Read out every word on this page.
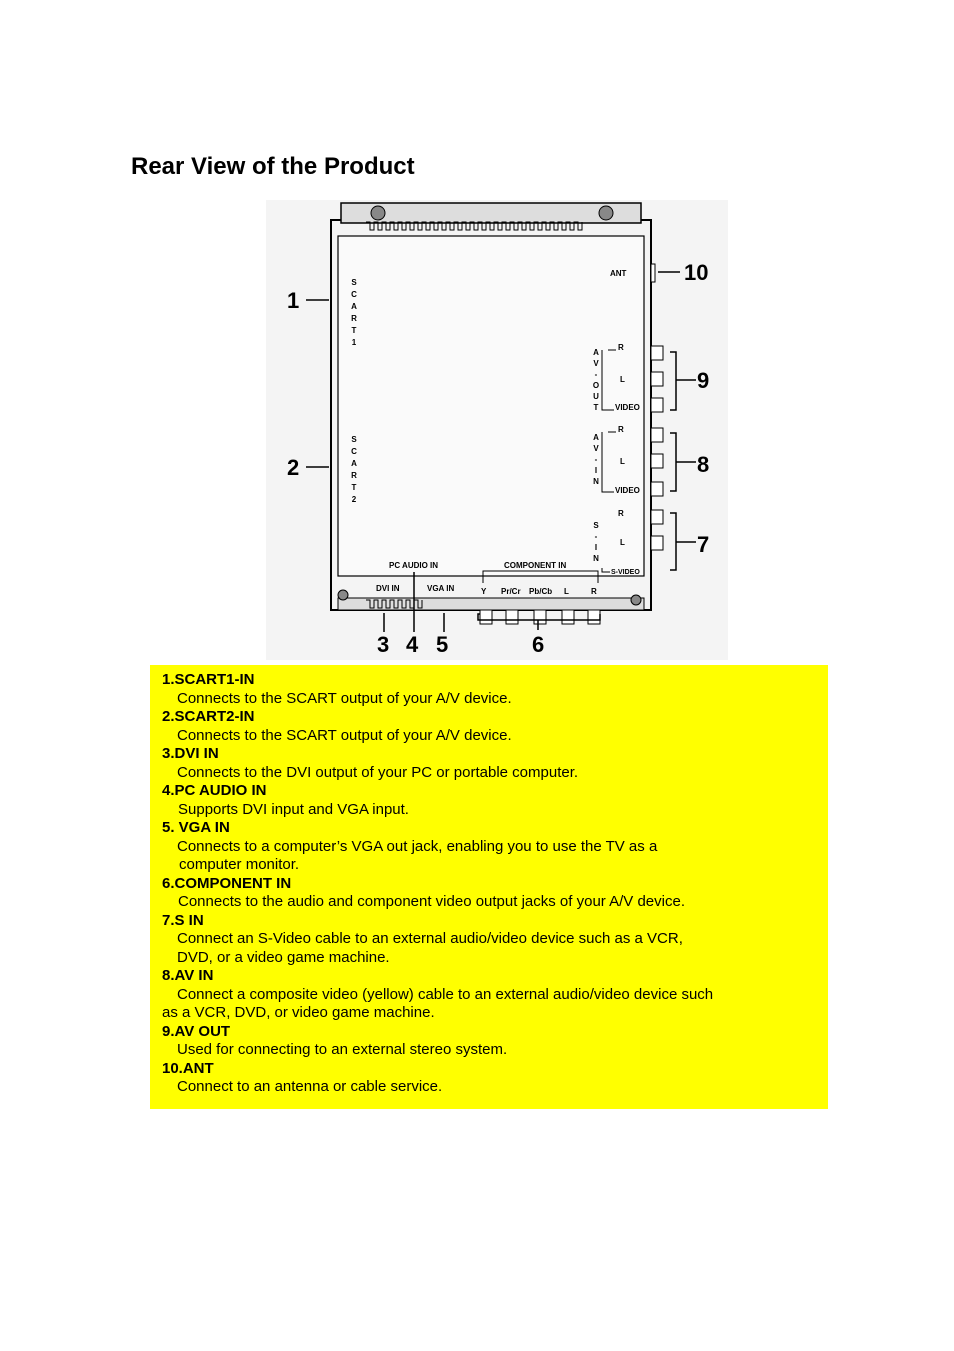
Rear View of the Product
S
C
A
R
T
1
S
C
A
R
T
2
ANT
A
V
-
O
U
T
R
L
VIDEO
A
V
-
I
N
R
L
VIDEO
S
-
I
N
R
L
S-VIDEO
PC AUDIO IN	COMPONENT IN
DVI IN	VGA IN	Y Pr/Cr Pb/Cb L	R
1
2
3 4 5	6
7
8
9
10
1.SCART1-IN
Connects to the SCART output of your A/V device.
2.SCART2-IN
Connects to the SCART output of your A/V device.
3.DVI IN
Connects to the DVI output of your PC or portable computer.
4.PC AUDIO IN
Supports DVI input and VGA input.
5. VGA IN
Connects to a computer’s VGA out jack, enabling you to use the TV as a
computer monitor.
6.COMPONENT IN
Connects to the audio and component video output jacks of your A/V device.
7.S IN
Connect an S-Video cable to an external audio/video device such as a VCR,
DVD, or a video game machine.
8.AV IN
Connect a composite video (yellow) cable to an external audio/video device such
as a VCR, DVD, or video game machine.
9.AV OUT
Used for connecting to an external stereo system.
10.ANT
Connect to an antenna or cable service.
